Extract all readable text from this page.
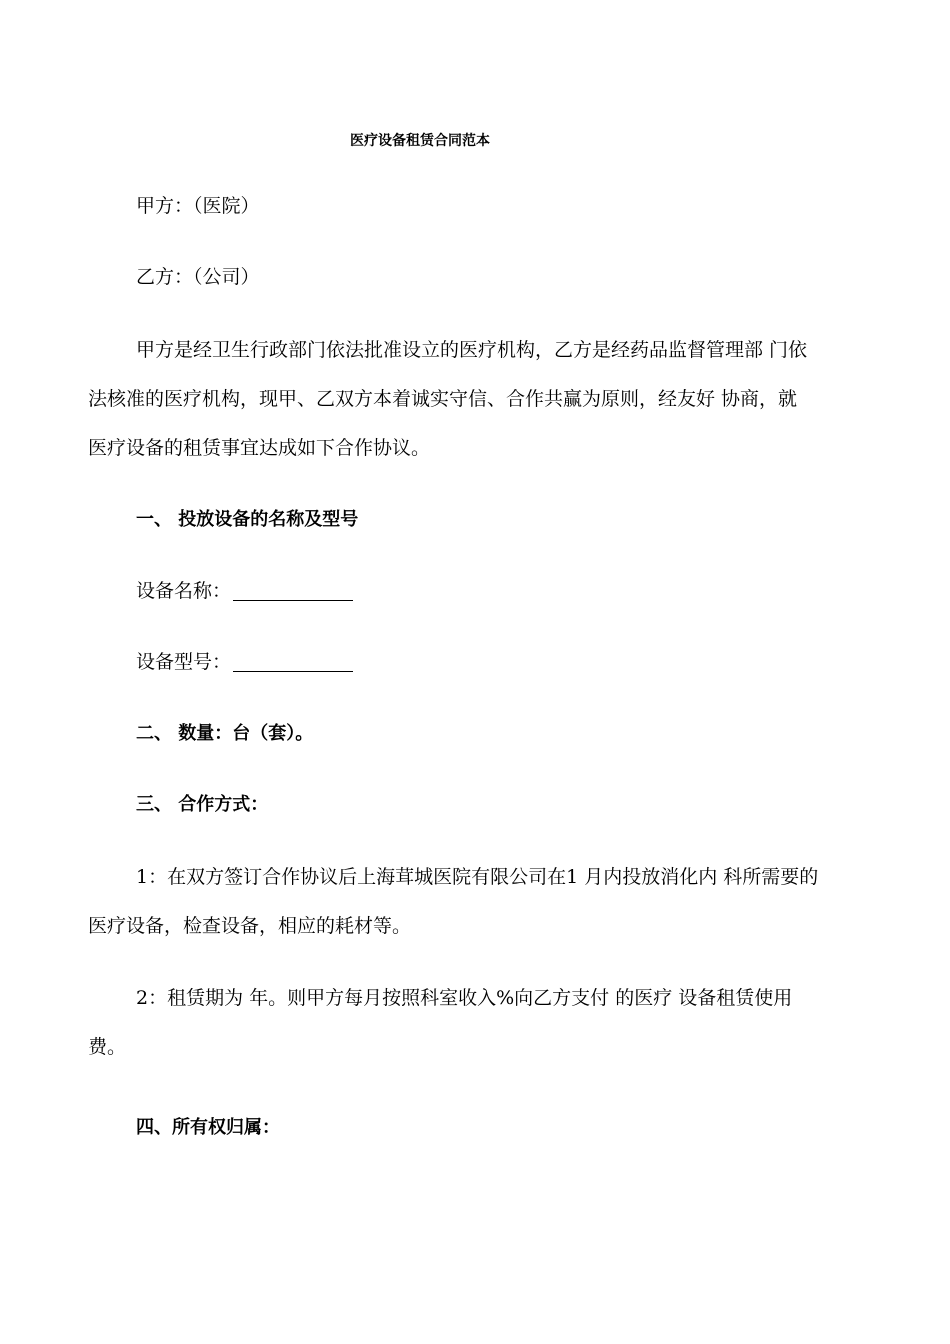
医疗设备租赁合同范本
甲方：（医院）
乙方：（公司）
甲方是经卫生行政部门依法批准设立的医疗机构，乙方是经药品监督管理部 门依
法核准的医疗机构，现甲、乙双方本着诚实守信、合作共赢为原则，经友好 协商，就
医疗设备的租赁事宜达成如下合作协议。
一、 投放设备的名称及型号
设备名称：
设备型号：
二、 数量：台（套）。
三、 合作方式：
1：在双方签订合作协议后上海茸城医院有限公司在1 月内投放消化内 科所需要的
医疗设备，检查设备，相应的耗材等。
2：租赁期为 年。则甲方每月按照科室收入%向乙方支付 的医疗 设备租赁使用
费。
四、所有权归属：
